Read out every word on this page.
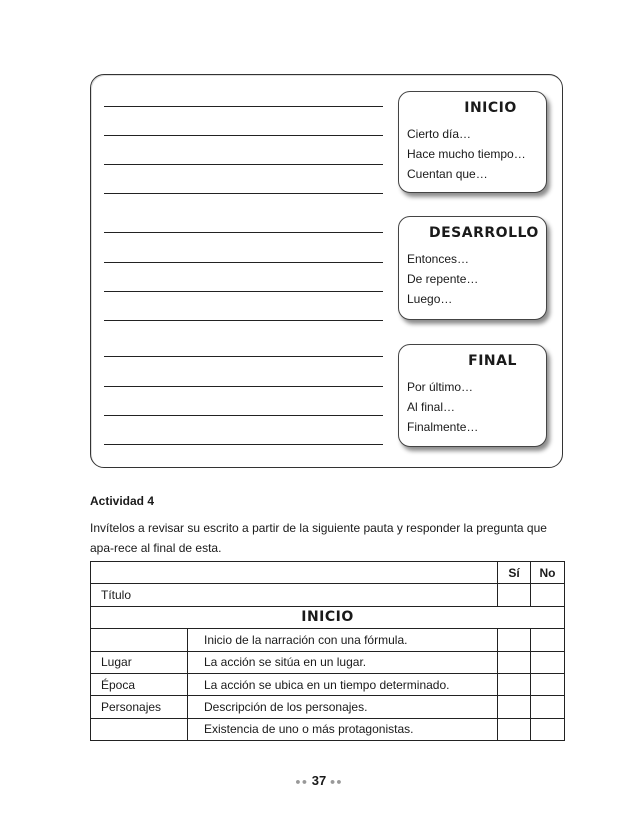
INICIO
Cierto día…
Hace mucho tiempo…
Cuentan que…
DESARROLLO
Entonces…
De repente…
Luego…
FINAL
Por último…
Al final…
Finalmente…
Actividad 4
Invítelos a revisar su escrito a partir de la siguiente pauta y responder la pregunta que apa-rece al final de esta.
		Sí	No
Título			
INICIO			
	Inicio de la narración con una fórmula.		
Lugar	La acción se sitúa en un lugar.		
Época	La acción se ubica en un tiempo determinado.		
Personajes	Descripción de los personajes.		
	Existencia de uno o más protagonistas.		
●● 37 ●●
